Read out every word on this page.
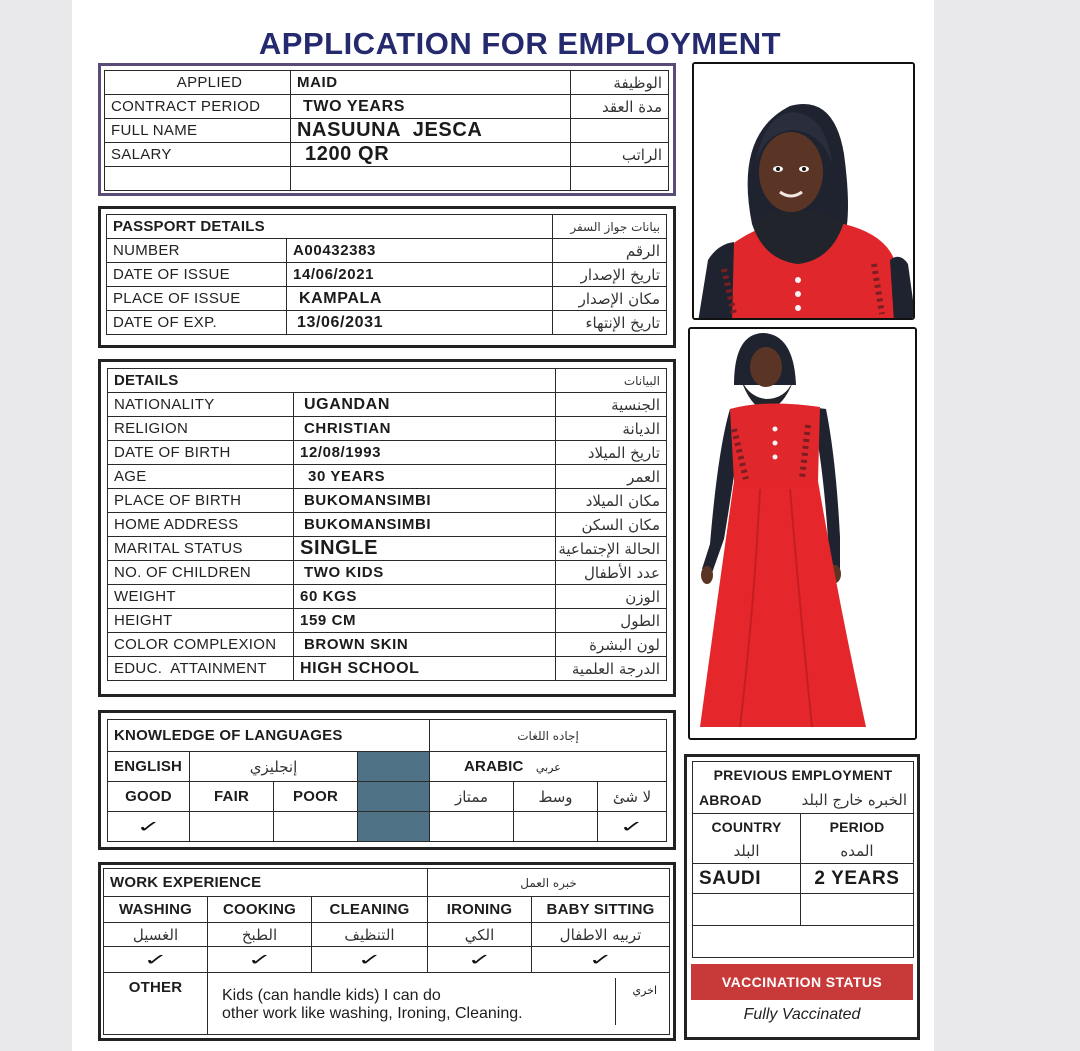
APPLICATION FOR EMPLOYMENT
APPLIED	MAID	الوظيفة
CONTRACT PERIOD	TWO YEARS	مدة العقد
FULL NAME	NASUUNA  JESCA	
SALARY	1200 QR	الراتب

PASSPORT DETAILS		بيانات جواز السفر
NUMBER	A00432383	الرقم
DATE OF ISSUE	14/06/2021	تاريخ الإصدار
PLACE OF ISSUE	KAMPALA	مكان الإصدار
DATE OF EXP.	13/06/2031	تاريخ الإنتهاء
DETAILS		البيانات
NATIONALITY	UGANDAN	الجنسية
RELIGION	CHRISTIAN	الديانة
DATE OF BIRTH	12/08/1993	تاريخ الميلاد
AGE	30 YEARS	العمر
PLACE OF BIRTH	BUKOMANSIMBI	مكان الميلاد
HOME ADDRESS	BUKOMANSIMBI	مكان السكن
MARITAL STATUS	SINGLE	الحالة الإجتماعية
NO. OF CHILDREN	TWO KIDS	عدد الأطفال
WEIGHT	60 KGS	الوزن
HEIGHT	159 CM	الطول
COLOR COMPLEXION	BROWN SKIN	لون البشرة
EDUC.  ATTAINMENT	HIGH SCHOOL	الدرجة العلمية
KNOWLEDGE OF LANGUAGES				إجاده اللغات		
ENGLISH	إنجليزي			ARABIC عربي		
GOOD	FAIR	POOR		ممتاز	وسط	لا شئ
✓						✓
WORK EXPERIENCE			خبره العمل	
WASHING	COOKING	CLEANING	IRONING	BABY SITTING
الغسيل	الطبخ	التنظيف	الكي	تربيه الاطفال
✓	✓	✓	✓	✓
OTHER	Kids (can handle kids) I can do
other work like washing, Ironing, Cleaning.			اخري
PREVIOUS EMPLOYMENT	
ABROAD	الخبره خارج البلد
COUNTRY	PERIOD
البلد	المده
SAUDI	2 YEARS

VACCINATION STATUS
Fully Vaccinated
